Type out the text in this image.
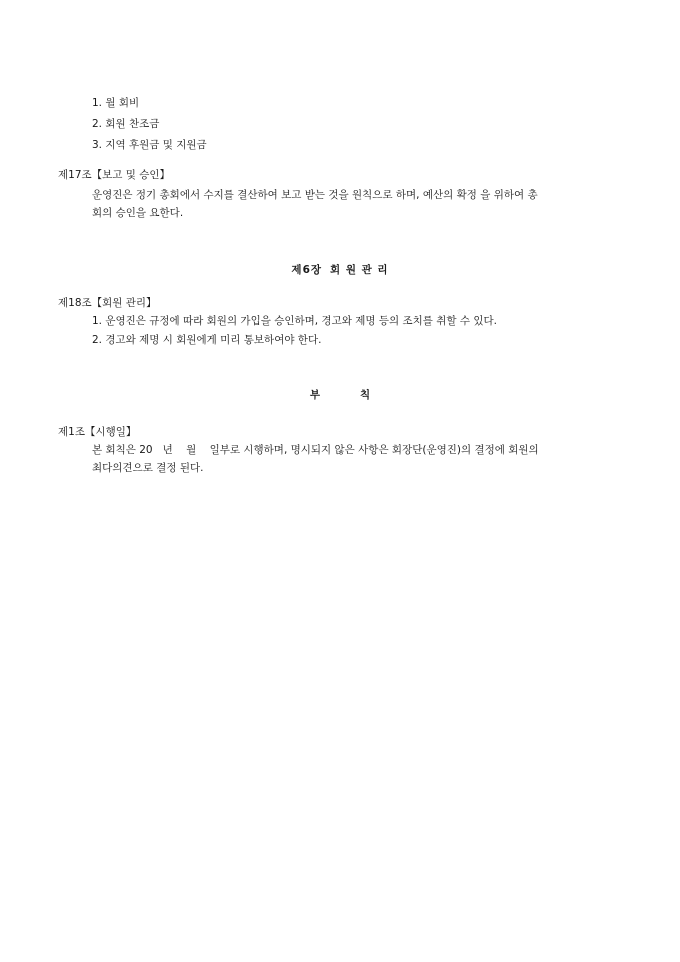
1. 월 회비
2. 회원 찬조금
3. 지역 후원금 및 지원금
제17조【보고 및 승인】
운영진은 정기 총회에서 수지를 결산하여 보고 받는 것을 원칙으로 하며, 예산의 확정 을 위하여 총
회의 승인을 요한다.
제6장 회 원 관 리
제18조【회원 관리】
1. 운영진은 규정에 따라 회원의 가입을 승인하며, 경고와 제명 등의 조치를 취할 수 있다.
2. 경고와 제명 시 회원에게 미리 통보하여야 한다.
부	칙
제1조【시행일】
본 회칙은 20   년    월    일부로 시행하며, 명시되지 않은 사항은 회장단(운영진)의 결정에 회원의
최다의견으로 결정 된다.
